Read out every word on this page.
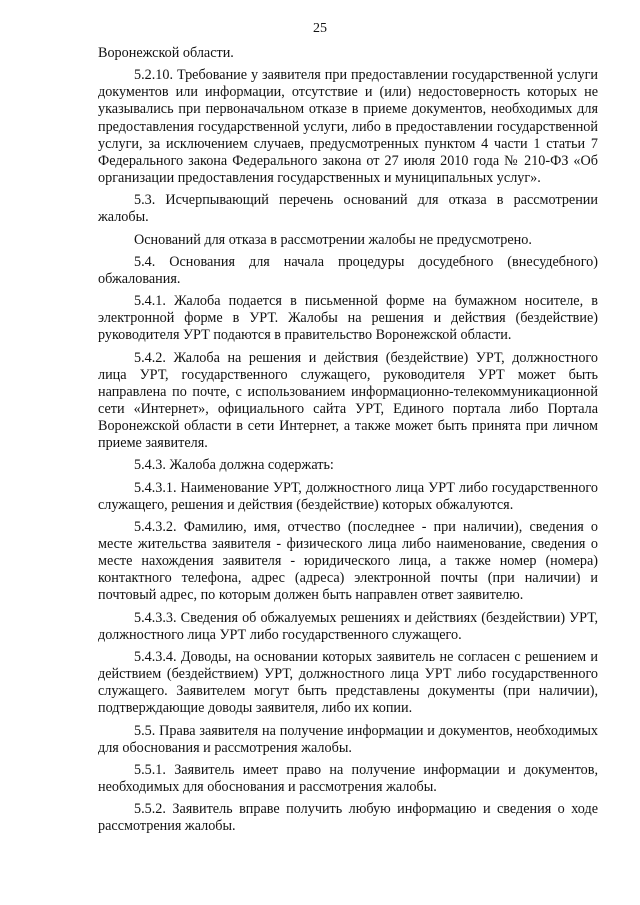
25

Воронежской области.

5.2.10. Требование у заявителя при предоставлении государственной услуги документов или информации, отсутствие и (или) недостоверность которых не указывались при первоначальном отказе в приеме документов, необходимых для предоставления государственной услуги, либо в предоставлении государственной услуги, за исключением случаев, предусмотренных пунктом 4 части 1 статьи 7 Федерального закона Федерального закона от 27 июля 2010 года № 210-ФЗ «Об организации предоставления государственных и муниципальных услуг».

5.3. Исчерпывающий перечень оснований для отказа в рассмотрении жалобы.

Оснований для отказа в рассмотрении жалобы не предусмотрено.

5.4. Основания для начала процедуры досудебного (внесудебного) обжалования.

5.4.1. Жалоба подается в письменной форме на бумажном носителе, в электронной форме в УРТ. Жалобы на решения и действия (бездействие) руководителя УРТ подаются в правительство Воронежской области.

5.4.2. Жалоба на решения и действия (бездействие) УРТ, должностного лица УРТ, государственного служащего, руководителя УРТ может быть направлена по почте, с использованием информационно-телекоммуникационной сети «Интернет», официального сайта УРТ, Единого портала либо Портала Воронежской области в сети Интернет, а также может быть принята при личном приеме заявителя.

5.4.3. Жалоба должна содержать:

5.4.3.1. Наименование УРТ, должностного лица УРТ либо государственного служащего, решения и действия (бездействие) которых обжалуются.

5.4.3.2. Фамилию, имя, отчество (последнее - при наличии), сведения о месте жительства заявителя - физического лица либо наименование, сведения о месте нахождения заявителя - юридического лица, а также номер (номера) контактного телефона, адрес (адреса) электронной почты (при наличии) и почтовый адрес, по которым должен быть направлен ответ заявителю.

5.4.3.3. Сведения об обжалуемых решениях и действиях (бездействии) УРТ, должностного лица УРТ либо государственного служащего.

5.4.3.4. Доводы, на основании которых заявитель не согласен с решением и действием (бездействием) УРТ, должностного лица УРТ либо государственного служащего. Заявителем могут быть представлены документы (при наличии), подтверждающие доводы заявителя, либо их копии.

5.5. Права заявителя на получение информации и документов, необходимых для обоснования и рассмотрения жалобы.

5.5.1. Заявитель имеет право на получение информации и документов, необходимых для обоснования и рассмотрения жалобы.

5.5.2. Заявитель вправе получить любую информацию и сведения о ходе рассмотрения жалобы.
